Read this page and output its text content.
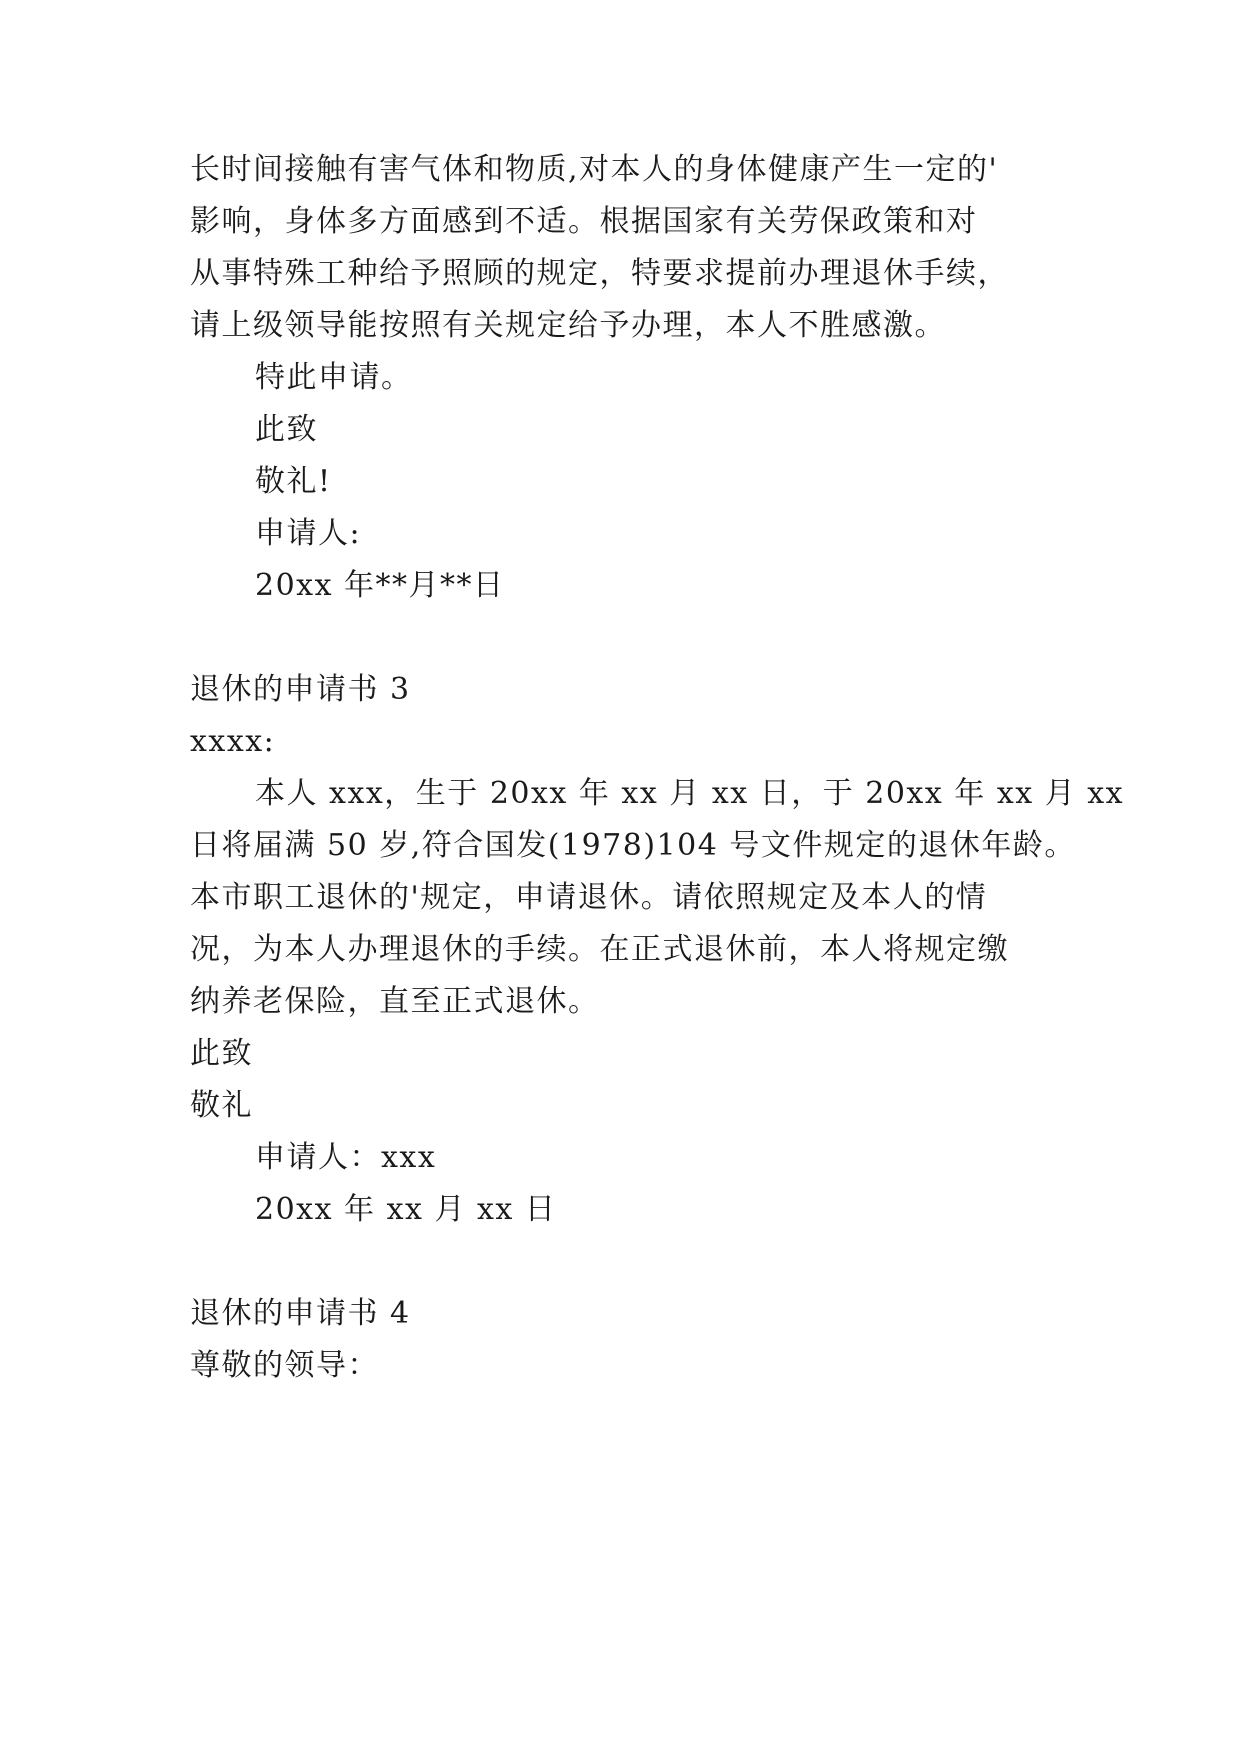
长时间接触有害气体和物质,对本人的身体健康产生一定的'
影响，身体多方面感到不适。根据国家有关劳保政策和对
从事特殊工种给予照顾的规定，特要求提前办理退休手续，
请上级领导能按照有关规定给予办理，本人不胜感激。
特此申请。
此致
敬礼!
申请人:
20xx 年**月**日
退休的申请书 3
xxxx:
本人 xxx，生于 20xx 年 xx 月 xx 日，于 20xx 年 xx 月 xx
日将届满 50 岁,符合国发(1978)104 号文件规定的退休年龄。
本市职工退休的'规定，申请退休。请依照规定及本人的情
况，为本人办理退休的手续。在正式退休前，本人将规定缴
纳养老保险，直至正式退休。
此致
敬礼
申请人：xxx
20xx 年 xx 月 xx 日
退休的申请书 4
尊敬的领导：
